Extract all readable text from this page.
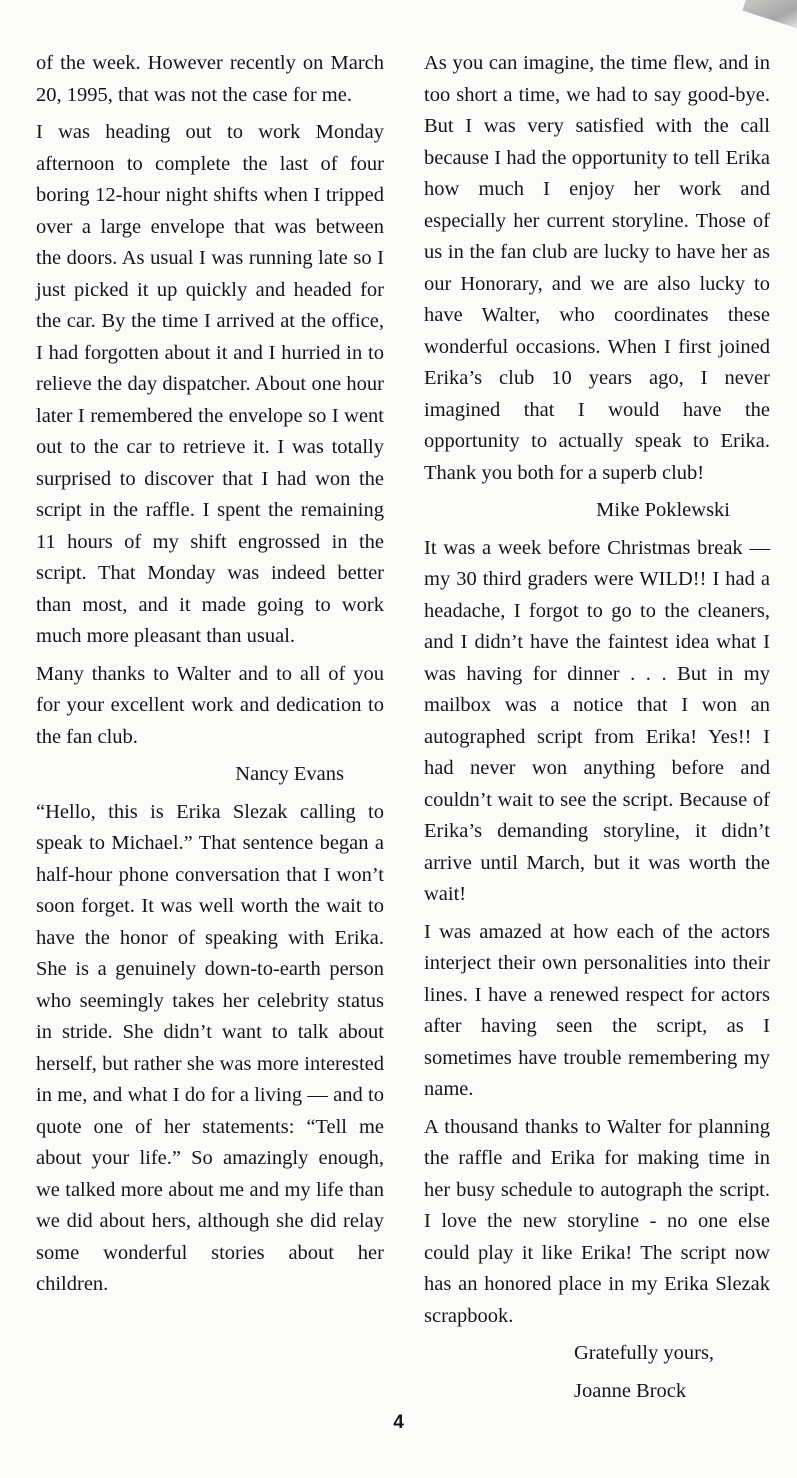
of the week. However recently on March 20, 1995, that was not the case for me.

I was heading out to work Monday afternoon to complete the last of four boring 12-hour night shifts when I tripped over a large envelope that was between the doors. As usual I was running late so I just picked it up quickly and headed for the car. By the time I arrived at the office, I had forgotten about it and I hurried in to relieve the day dispatcher. About one hour later I remembered the envelope so I went out to the car to retrieve it. I was totally surprised to discover that I had won the script in the raffle. I spent the remaining 11 hours of my shift engrossed in the script. That Monday was indeed better than most, and it made going to work much more pleasant than usual.

Many thanks to Walter and to all of you for your excellent work and dedication to the fan club.

Nancy Evans

“Hello, this is Erika Slezak calling to speak to Michael.” That sentence began a half-hour phone conversation that I won’t soon forget. It was well worth the wait to have the honor of speaking with Erika. She is a genuinely down-to-earth person who seemingly takes her celebrity status in stride. She didn’t want to talk about herself, but rather she was more interested in me, and what I do for a living — and to quote one of her statements: “Tell me about your life.” So amazingly enough, we talked more about me and my life than we did about hers, although she did relay some wonderful stories about her children.

As you can imagine, the time flew, and in too short a time, we had to say good-bye. But I was very satisfied with the call because I had the opportunity to tell Erika how much I enjoy her work and especially her current storyline. Those of us in the fan club are lucky to have her as our Honorary, and we are also lucky to have Walter, who coordinates these wonderful occasions. When I first joined Erika’s club 10 years ago, I never imagined that I would have the opportunity to actually speak to Erika. Thank you both for a superb club!

Mike Poklewski

It was a week before Christmas break — my 30 third graders were WILD!! I had a headache, I forgot to go to the cleaners, and I didn’t have the faintest idea what I was having for dinner . . . But in my mailbox was a notice that I won an autographed script from Erika! Yes!! I had never won anything before and couldn’t wait to see the script. Because of Erika’s demanding storyline, it didn’t arrive until March, but it was worth the wait!

I was amazed at how each of the actors interject their own personalities into their lines. I have a renewed respect for actors after having seen the script, as I sometimes have trouble remembering my name.

A thousand thanks to Walter for planning the raffle and Erika for making time in her busy schedule to autograph the script. I love the new storyline - no one else could play it like Erika! The script now has an honored place in my Erika Slezak scrapbook.

Gratefully yours,

Joanne Brock

4
